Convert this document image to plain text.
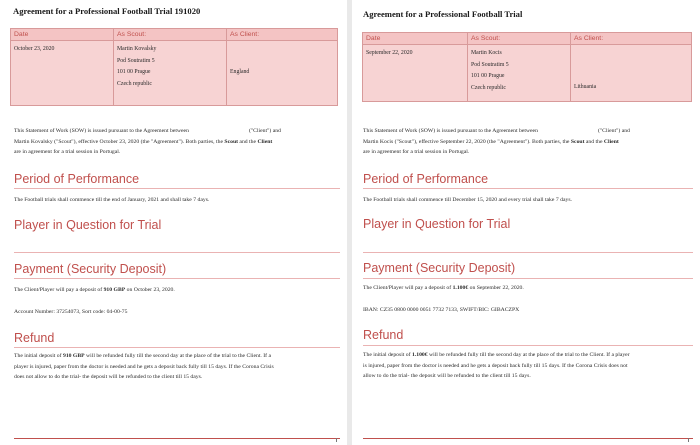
Agreement for a Professional Football Trial 191020
Date	As Scout:	As Client:
October 23, 2020	Martin Kovalsky
Pod Soutratim 5
101 00 Prague
Czech republic	England
This Statement of Work (SOW) is issued pursuant to the Agreement between	("Client") and
Martin Kovalsky ("Scout"), effective October 23, 2020 (the "Agreement"). Both parties, the Scout and the Client
are in agreement for a trial session in Portugal.
Period of Performance
The Football trials shall commence till the end of January, 2021 and shall take 7 days.
Player in Question for Trial
Payment (Security Deposit)
The Client/Player will pay a deposit of 910 GBP on October 23, 2020.
Account Number: 37254073, Sort code: 04-00-75
Refund
The initial deposit of 910 GBP will be refunded fully till the second day at the place of the trial to the Client. If a
player is injured, paper from the doctor is needed and he gets a deposit back fully till 15 days. If the Corona Crisis
does not allow to do the trial- the deposit will be refunded to the client till 15 days.
Agreement for a Professional Football Trial
Date	As Scout:	As Client:
September 22, 2020	Martin Kocis
Pod Soutratim 5
101 00 Prague
Czech republic	Lithuania
This Statement of Work (SOW) is issued pursuant to the Agreement between	("Client") and
Martin Kocis ("Scout"), effective September 22, 2020 (the "Agreement"). Both parties, the Scout and the Client
are in agreement for a trial session in Portugal.
Period of Performance
The Football trials shall commence till December 15, 2020 and every trial shall take 7 days.
Player in Question for Trial
Payment (Security Deposit)
The Client/Player will pay a deposit of 1.100€ on September 22, 2020.
IBAN: CZ35 0800 0000 0051 7732 7133, SWIFT/BIC: GIBACZPX
Refund
The initial deposit of 1.100€ will be refunded fully till the second day at the place of the trial to the Client. If a player
is injured, paper from the doctor is needed and he gets a deposit back fully till 15 days. If the Corona Crisis does not
allow to do the trial- the deposit will be refunded to the client till 15 days.
